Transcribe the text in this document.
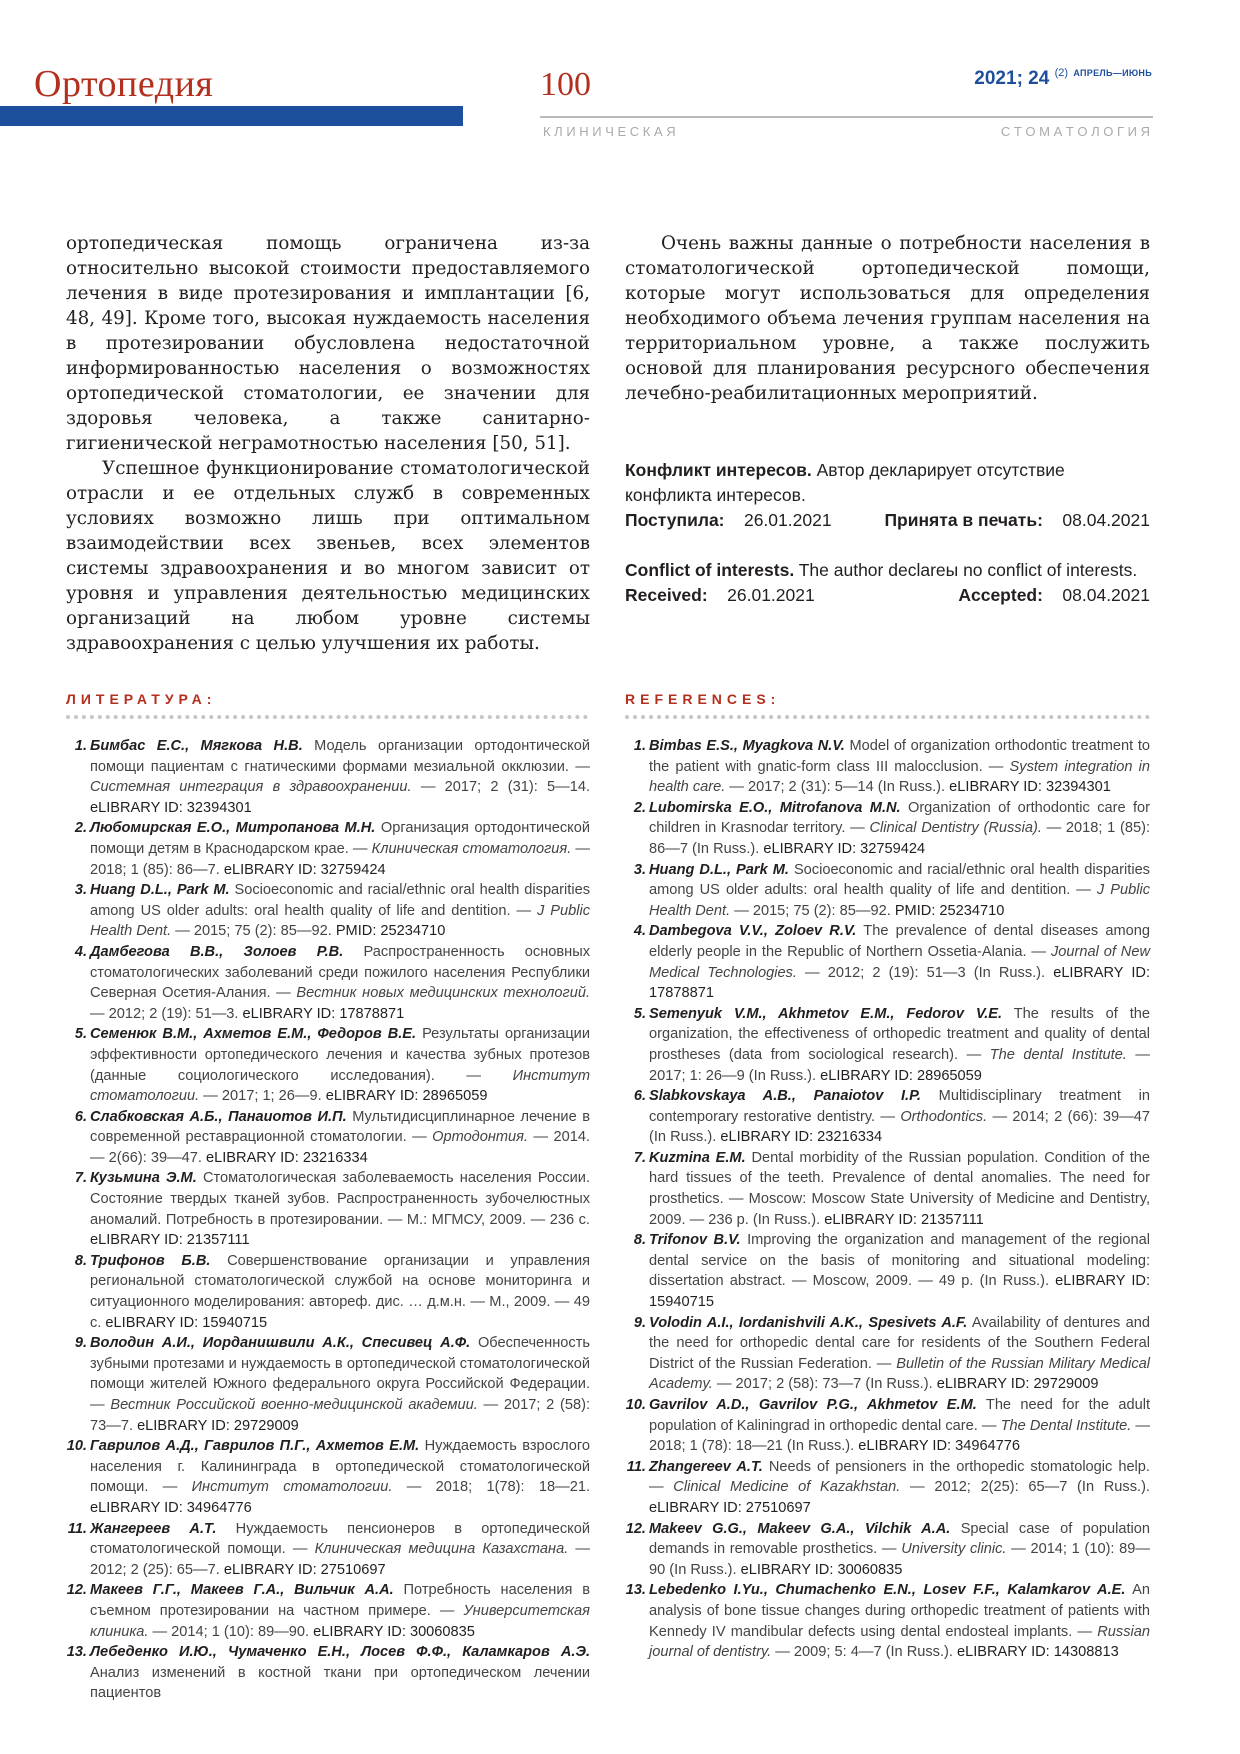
Ортопедия	100	2021; 24 $^{(2)}$ $^{АПРЕЛЬ—ИЮНЬ}$
К Л И Н И Ч Е С К А Я	С Т О М А Т О Л О Г И Я

ортопедическая помощь ограничена из-за относительно высокой стоимости предоставляемого лечения в виде протезирования и имплантации [6, 48, 49]. Кроме того, высокая нуждаемость населения в протезировании обусловлена недостаточной информированностью населения о возможностях ортопедической стоматологии, ее значении для здоровья человека, а также санитарно-гигиенической неграмотностью населения [50, 51].

Успешное функционирование стоматологической отрасли и ее отдельных служб в современных условиях возможно лишь при оптимальном взаимодействии всех звеньев, всех элементов системы здравоохранения и во многом зависит от уровня и управления деятельностью медицинских организаций на любом уровне системы здравоохранения с целью улучшения их работы.

Очень важны данные о потребности населения в стоматологической ортопедической помощи, которые могут использоваться для определения необходимого объема лечения группам населения на территориальном уровне, а также послужить основой для планирования ресурсного обеспечения лечебно-реабилитационных мероприятий.

Конфликт интересов. Автор декларирует отсутствие конфликта интересов.
Поступила: 26.01.2021	Принята в печать: 08.04.2021
Conflict of interests. The author declareы no conflict of interests.
Received: 26.01.2021	Accepted: 08.04.2021
ЛИТЕРАТУРА:	REFERENCES:
1. Бимбас Е.С., Мягкова Н.В. Модель организации ортодонтической помощи пациентам с гнатическими формами мезиальной окклюзии. — Системная интеграция в здравоохранении. — 2017; 2 (31): 5—14. eLIBRARY ID: 32394301
2. Любомирская Е.О., Митропанова М.Н. Организация ортодонтической помощи детям в Краснодарском крае. — Клиническая стоматология. — 2018; 1 (85): 86—7. eLIBRARY ID: 32759424
3. Huang D.L., Park M. Socioeconomic and racial/ethnic oral health disparities among US older adults: oral health quality of life and dentition. — J Public Health Dent. — 2015; 75 (2): 85—92. PMID: 25234710
4. Дамбегова В.В., Золоев Р.В. Распространенность основных стоматологических заболеваний среди пожилого населения Республики Северная Осетия-Алания. — Вестник новых медицинских технологий. — 2012; 2 (19): 51—3. eLIBRARY ID: 17878871
5. Семенюк В.М., Ахметов Е.М., Федоров В.Е. Результаты организации эффективности ортопедического лечения и качества зубных протезов (данные социологического исследования). — Институт стоматологии. — 2017; 1; 26—9. eLIBRARY ID: 28965059
6. Слабковская А.Б., Панаиотов И.П. Мультидисциплинарное лечение в современной реставрационной стоматологии. — Ортодонтия. — 2014. — 2(66): 39—47. eLIBRARY ID: 23216334
7. Кузьмина Э.М. Стоматологическая заболеваемость населения России. Состояние твердых тканей зубов. Распространенность зубочелюстных аномалий. Потребность в протезировании. — М.: МГМСУ, 2009. — 236 с. eLIBRARY ID: 21357111
8. Трифонов Б.В. Совершенствование организации и управления региональной стоматологической службой на основе мониторинга и ситуационного моделирования: автореф. дис. … д.м.н. — М., 2009. — 49 с. eLIBRARY ID: 15940715
9. Володин А.И., Иорданишвили А.К., Спесивец А.Ф. Обеспеченность зубными протезами и нуждаемость в ортопедической стоматологической помощи жителей Южного федерального округа Российской Федерации. — Вестник Российской военно-медицинской академии. — 2017; 2 (58): 73—7. eLIBRARY ID: 29729009
10. Гаврилов А.Д., Гаврилов П.Г., Ахметов Е.М. Нуждаемость взрослого населения г. Калининграда в ортопедической стоматологической помощи. — Институт стоматологии. — 2018; 1(78): 18—21. eLIBRARY ID: 34964776
11. Жангереев А.Т. Нуждаемость пенсионеров в ортопедической стоматологической помощи. — Клиническая медицина Казахстана. — 2012; 2 (25): 65—7. eLIBRARY ID: 27510697
12. Макеев Г.Г., Макеев Г.А., Вильчик А.А. Потребность населения в съемном протезировании на частном примере. — Университетская клиника. — 2014; 1 (10): 89—90. eLIBRARY ID: 30060835
13. Лебеденко И.Ю., Чумаченко Е.Н., Лосев Ф.Ф., Каламкаров А.Э. Анализ изменений в костной ткани при ортопедическом лечении пациентов
1. Bimbas E.S., Myagkova N.V. Model of organization orthodontic treatment to the patient with gnatic-form class III malocclusion. — System integration in health care. — 2017; 2 (31): 5—14 (In Russ.). eLIBRARY ID: 32394301
2. Lubomirska E.O., Mitrofanova M.N. Organization of orthodontic care for children in Krasnodar territory. — Clinical Dentistry (Russia). — 2018; 1 (85): 86—7 (In Russ.). eLIBRARY ID: 32759424
3. Huang D.L., Park M. Socioeconomic and racial/ethnic oral health disparities among US older adults: oral health quality of life and dentition. — J Public Health Dent. — 2015; 75 (2): 85—92. PMID: 25234710
4. Dambegova V.V., Zoloev R.V. The prevalence of dental diseases among elderly people in the Republic of Northern Ossetia-Alania. — Journal of New Medical Technologies. — 2012; 2 (19): 51—3 (In Russ.). eLIBRARY ID: 17878871
5. Semenyuk V.M., Akhmetov E.M., Fedorov V.E. The results of the organization, the effectiveness of orthopedic treatment and quality of dental prostheses (data from sociological research). — The dental Institute. — 2017; 1: 26—9 (In Russ.). eLIBRARY ID: 28965059
6. Slabkovskaya A.B., Panaiotov I.P. Multidisciplinary treatment in contemporary restorative dentistry. — Orthodontics. — 2014; 2 (66): 39—47 (In Russ.). eLIBRARY ID: 23216334
7. Kuzmina E.M. Dental morbidity of the Russian population. Condition of the hard tissues of the teeth. Prevalence of dental anomalies. The need for prosthetics. — Moscow: Moscow State University of Medicine and Dentistry, 2009. — 236 p. (In Russ.). eLIBRARY ID: 21357111
8. Trifonov B.V. Improving the organization and management of the regional dental service on the basis of monitoring and situational modeling: dissertation abstract. — Moscow, 2009. — 49 p. (In Russ.). eLIBRARY ID: 15940715
9. Volodin A.I., Iordanishvili A.K., Spesivets A.F. Availability of dentures and the need for orthopedic dental care for residents of the Southern Federal District of the Russian Federation. — Bulletin of the Russian Military Medical Academy. — 2017; 2 (58): 73—7 (In Russ.). eLIBRARY ID: 29729009
10. Gavrilov A.D., Gavrilov P.G., Akhmetov E.M. The need for the adult population of Kaliningrad in orthopedic dental care. — The Dental Institute. — 2018; 1 (78): 18—21 (In Russ.). eLIBRARY ID: 34964776
11. Zhangereev A.T. Needs of pensioners in the orthopedic stomatologic help. — Clinical Medicine of Kazakhstan. — 2012; 2(25): 65—7 (In Russ.). eLIBRARY ID: 27510697
12. Makeev G.G., Makeev G.A., Vilchik A.A. Special case of population demands in removable prosthetics. — University clinic. — 2014; 1 (10): 89—90 (In Russ.). eLIBRARY ID: 30060835
13. Lebedenko I.Yu., Chumachenko E.N., Losev F.F., Kalamkarov A.E. An analysis of bone tissue changes during orthopedic treatment of patients with Kennedy IV mandibular defects using dental endosteal implants. — Russian journal of dentistry. — 2009; 5: 4—7 (In Russ.). eLIBRARY ID: 14308813
